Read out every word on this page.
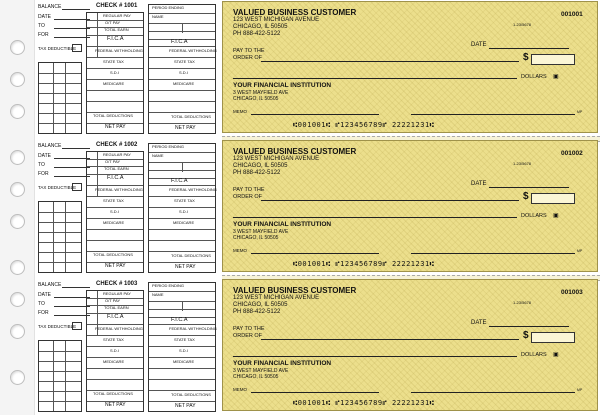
BALANCE	CHECK # 1001
DATE
TO
FOR
TAX DEDUCTIBLE
REGULAR PAY
O/T PAY
TOTAL EARN
F.I.C.A
FEDERAL WITHHOLDING
STATE TAX
S.D.I
MEDICARE
TOTAL DEDUCTIONS
NET PAY
PERIOD ENDING
NAME
F.I.C.A
FEDERAL WITHHOLDING
STATE TAX
S.D.I
MEDICARE
TOTAL DEDUCTIONS
NET PAY
VALUED BUSINESS CUSTOMER
123 WEST MICHIGAN AVENUE
CHICAGO, IL 50505
PH 888-422-5122
001001
1-23/5678
DATE
PAY TO THE
ORDER OF	$
DOLLARS ▣
YOUR FINANCIAL INSTITUTION
3 WEST MAYFIELD AVE
CHICAGO, IL 50505
MEMO	MP
⑆001001⑆ ⑈123456789⑈ 22221231⑆
BALANCE	CHECK # 1002
DATE
TO
FOR
TAX DEDUCTIBLE
REGULAR PAY
O/T PAY
TOTAL EARN
F.I.C.A
FEDERAL WITHHOLDING
STATE TAX
S.D.I
MEDICARE
TOTAL DEDUCTIONS
NET PAY
PERIOD ENDING
NAME
F.I.C.A
FEDERAL WITHHOLDING
STATE TAX
S.D.I
MEDICARE
TOTAL DEDUCTIONS
NET PAY
VALUED BUSINESS CUSTOMER
123 WEST MICHIGAN AVENUE
CHICAGO, IL 50505
PH 888-422-5122
001002
1-23/5678
DATE
PAY TO THE
ORDER OF	$
DOLLARS ▣
YOUR FINANCIAL INSTITUTION
3 WEST MAYFIELD AVE
CHICAGO, IL 50505
MEMO	MP
⑆001001⑆ ⑈123456789⑈ 22221231⑆
BALANCE	CHECK # 1003
DATE
TO
FOR
TAX DEDUCTIBLE
REGULAR PAY
O/T PAY
TOTAL EARN
F.I.C.A
FEDERAL WITHHOLDING
STATE TAX
S.D.I
MEDICARE
TOTAL DEDUCTIONS
NET PAY
PERIOD ENDING
NAME
F.I.C.A
FEDERAL WITHHOLDING
STATE TAX
S.D.I
MEDICARE
TOTAL DEDUCTIONS
NET PAY
VALUED BUSINESS CUSTOMER
123 WEST MICHIGAN AVENUE
CHICAGO, IL 50505
PH 888-422-5122
001003
1-23/5678
DATE
PAY TO THE
ORDER OF	$
DOLLARS ▣
YOUR FINANCIAL INSTITUTION
3 WEST MAYFIELD AVE
CHICAGO, IL 50505
MEMO	MP
⑆001001⑆ ⑈123456789⑈ 22221231⑆
